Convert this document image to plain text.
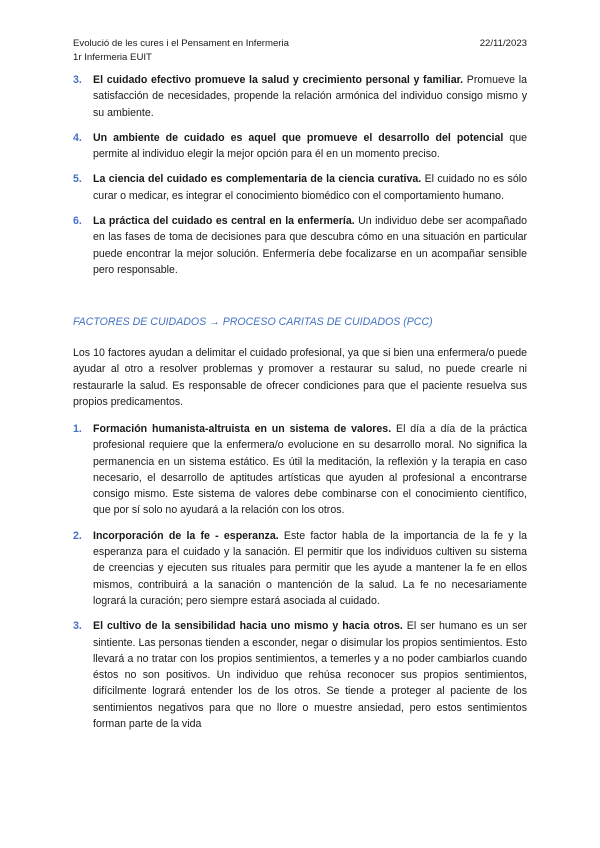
Evolució de les cures i el Pensament en Infermeria	22/11/2023
1r Infermeria EUIT
3. El cuidado efectivo promueve la salud y crecimiento personal y familiar. Promueve la satisfacción de necesidades, propende la relación armónica del individuo consigo mismo y su ambiente.
4. Un ambiente de cuidado es aquel que promueve el desarrollo del potencial que permite al individuo elegir la mejor opción para él en un momento preciso.
5. La ciencia del cuidado es complementaria de la ciencia curativa. El cuidado no es sólo curar o medicar, es integrar el conocimiento biomédico con el comportamiento humano.
6. La práctica del cuidado es central en la enfermería. Un individuo debe ser acompañado en las fases de toma de decisiones para que descubra cómo en una situación en particular puede encontrar la mejor solución. Enfermería debe focalizarse en un acompañar sensible pero responsable.
FACTORES DE CUIDADOS → PROCESO CARITAS DE CUIDADOS (PCC)

Los 10 factores ayudan a delimitar el cuidado profesional, ya que si bien una enfermera/o puede ayudar al otro a resolver problemas y promover a restaurar su salud, no puede crearle ni restaurarle la salud. Es responsable de ofrecer condiciones para que el paciente resuelva sus propios predicamentos.

1. Formación humanista-altruista en un sistema de valores. El día a día de la práctica profesional requiere que la enfermera/o evolucione en su desarrollo moral. No significa la permanencia en un sistema estático. Es útil la meditación, la reflexión y la terapia en caso necesario, el desarrollo de aptitudes artísticas que ayuden al profesional a encontrarse consigo mismo. Este sistema de valores debe combinarse con el conocimiento científico, que por sí solo no ayudará a la relación con los otros.
2. Incorporación de la fe - esperanza. Este factor habla de la importancia de la fe y la esperanza para el cuidado y la sanación. El permitir que los individuos cultiven su sistema de creencias y ejecuten sus rituales para permitir que les ayude a mantener la fe en ellos mismos, contribuirá a la sanación o mantención de la salud. La fe no necesariamente logrará la curación; pero siempre estará asociada al cuidado.
3. El cultivo de la sensibilidad hacia uno mismo y hacia otros. El ser humano es un ser sintiente. Las personas tienden a esconder, negar o disimular los propios sentimientos. Esto llevará a no tratar con los propios sentimientos, a temerles y a no poder cambiarlos cuando éstos no son positivos. Un individuo que rehúsa reconocer sus propios sentimientos, difícilmente logrará entender los de los otros. Se tiende a proteger al paciente de los sentimientos negativos para que no llore o muestre ansiedad, pero estos sentimientos forman parte de la vida
